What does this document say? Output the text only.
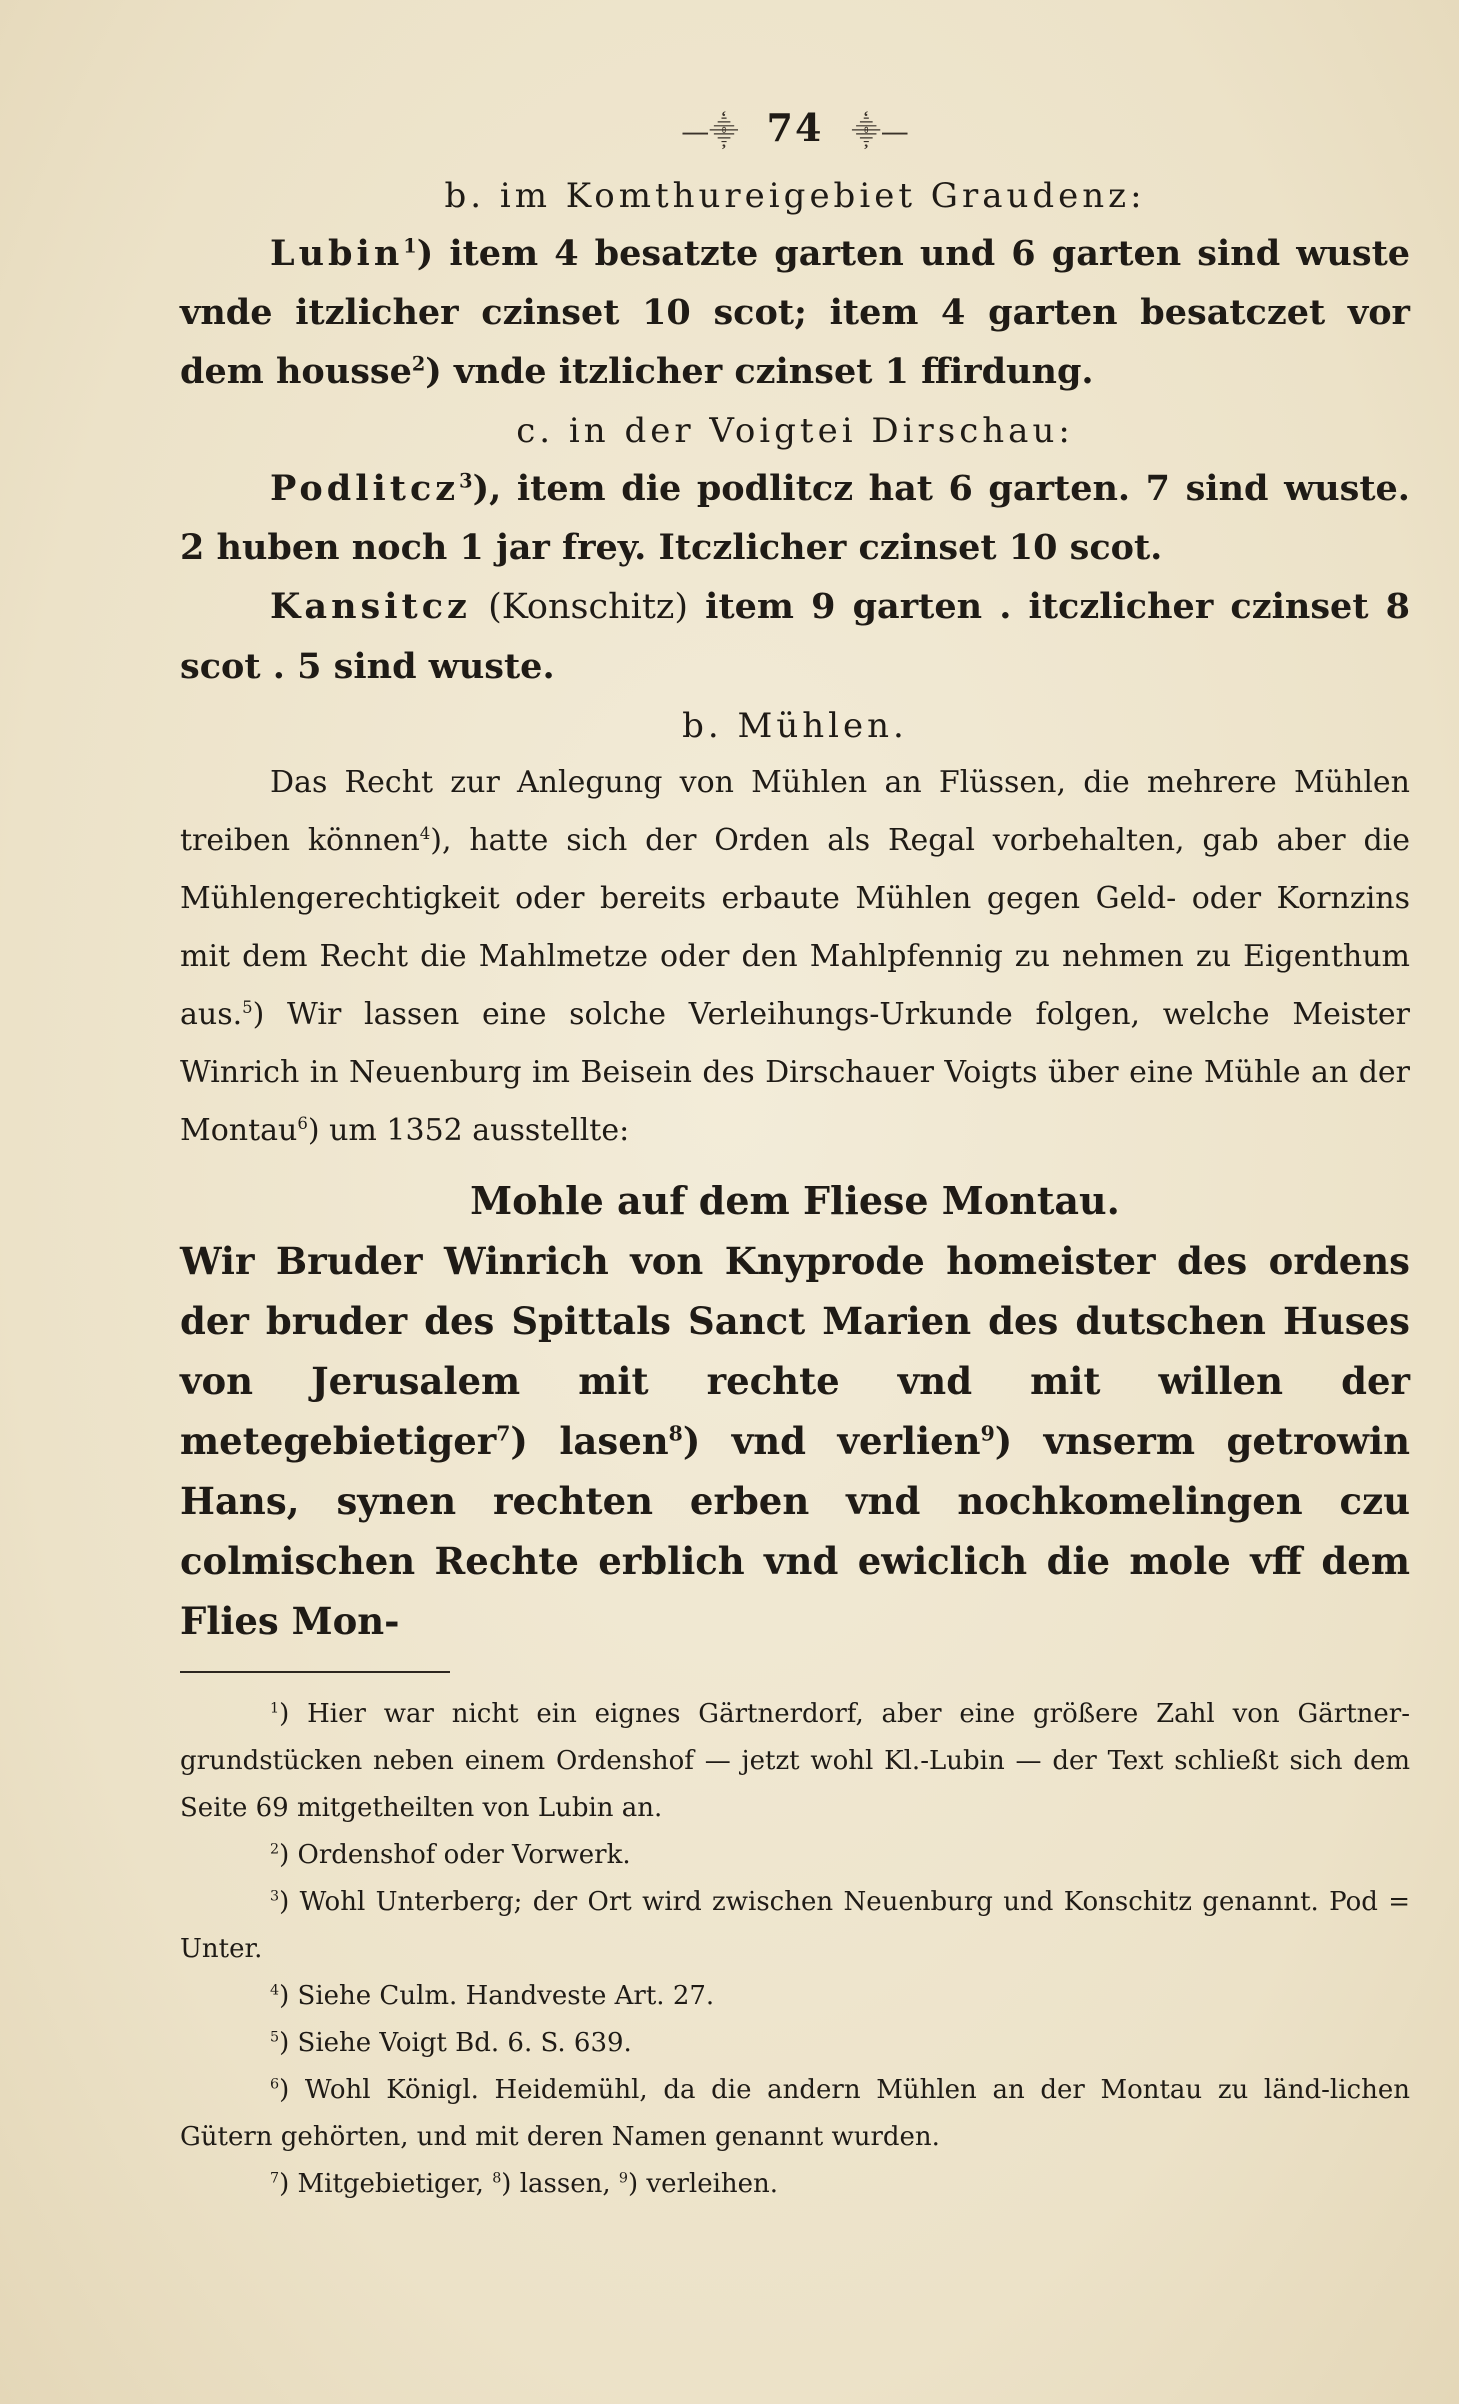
—⸎ 74 ⸎—
b. im Komthureigebiet Graudenz:

Lubin$^1$) item 4 besatzte garten und 6 garten sind wuste vnde itzlicher czinset 10 scot; item 4 garten besatczet vor dem housse$^2$) vnde itzlicher czinset 1 ffirdung.

c. in der Voigtei Dirschau:

Podlitcz$^3$), item die podlitcz hat 6 garten. 7 sind wuste. 2 huben noch 1 jar frey. Itczlicher czinset 10 scot.

Kansitcz (Konschitz) item 9 garten . itczlicher czinset 8 scot . 5 sind wuste.

b. Mühlen.

Das Recht zur Anlegung von Mühlen an Flüssen, die mehrere Mühlen treiben können$^4$), hatte sich der Orden als Regal vorbehalten, gab aber die Mühlengerechtigkeit oder bereits erbaute Mühlen gegen Geld- oder Kornzins mit dem Recht die Mahlmetze oder den Mahlpfennig zu nehmen zu Eigenthum aus.$^5$) Wir lassen eine solche Verleihungs-Urkunde folgen, welche Meister Winrich in Neuenburg im Beisein des Dirschauer Voigts über eine Mühle an der Montau$^6$) um 1352 ausstellte:

Mohle auf dem Fliese Montau.

Wir Bruder Winrich von Knyprode homeister des ordens der bruder des Spittals Sanct Marien des dutschen Huses von Jerusalem mit rechte vnd mit willen der metegebietiger$^7$) lasen$^8$) vnd verlien$^9$) vnserm getrowin Hans, synen rechten erben vnd nochkomelingen czu colmischen Rechte erblich vnd ewiclich die mole vff dem Flies Mon-

$^1$) Hier war nicht ein eignes Gärtnerdorf, aber eine größere Zahl von Gärtner-grundstücken neben einem Ordenshof — jetzt wohl Kl.-Lubin — der Text schließt sich dem Seite 69 mitgetheilten von Lubin an.

$^2$) Ordenshof oder Vorwerk.

$^3$) Wohl Unterberg; der Ort wird zwischen Neuenburg und Konschitz genannt. Pod = Unter.

$^4$) Siehe Culm. Handveste Art. 27.

$^5$) Siehe Voigt Bd. 6. S. 639.

$^6$) Wohl Königl. Heidemühl, da die andern Mühlen an der Montau zu länd-lichen Gütern gehörten, und mit deren Namen genannt wurden.

$^7$) Mitgebietiger, $^8$) lassen, $^9$) verleihen.
